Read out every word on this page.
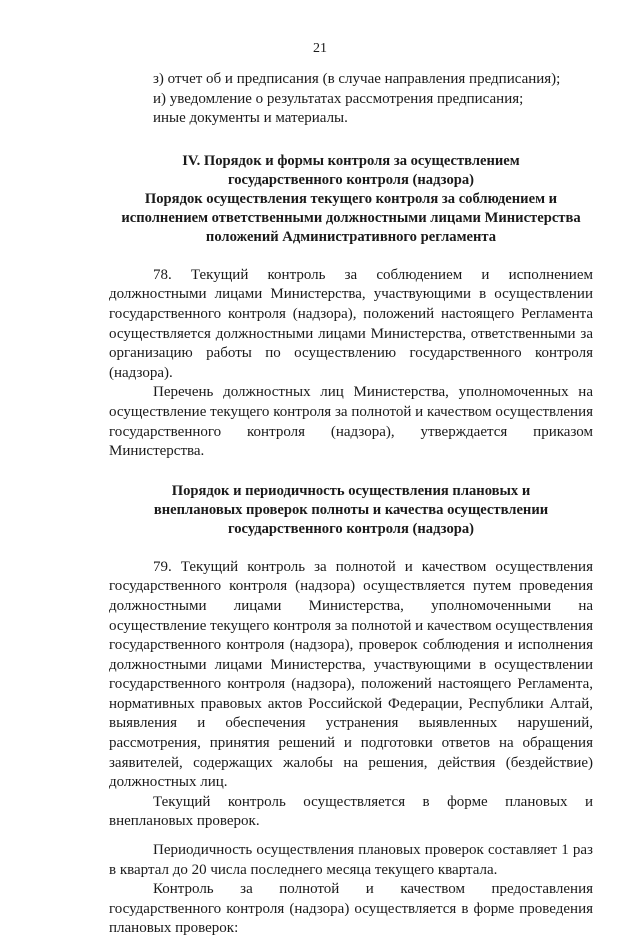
21

з) отчет об и предписания (в случае направления предписания);

и) уведомление о результатах рассмотрения предписания;

иные документы и материалы.

IV. Порядок и формы контроля за осуществлением
государственного контроля (надзора)
Порядок осуществления текущего контроля за соблюдением и
исполнением ответственными должностными лицами Министерства
положений Административного регламента

78. Текущий контроль за соблюдением и исполнением должностными лицами Министерства, участвующими в осуществлении государственного контроля (надзора), положений настоящего Регламента осуществляется должностными лицами Министерства, ответственными за организацию работы по осуществлению государственного контроля (надзора).

Перечень должностных лиц Министерства, уполномоченных на осуществление текущего контроля за полнотой и качеством осуществления государственного контроля (надзора), утверждается приказом Министерства.

Порядок и периодичность осуществления плановых и
внеплановых проверок полноты и качества осуществлении
государственного контроля (надзора)

79. Текущий контроль за полнотой и качеством осуществления государственного контроля (надзора) осуществляется путем проведения должностными лицами Министерства, уполномоченными на осуществление текущего контроля за полнотой и качеством осуществления государственного контроля (надзора), проверок соблюдения и исполнения должностными лицами Министерства, участвующими в осуществлении государственного контроля (надзора), положений настоящего Регламента, нормативных правовых актов Российской Федерации, Республики Алтай, выявления и обеспечения устранения выявленных нарушений, рассмотрения, принятия решений и подготовки ответов на обращения заявителей, содержащих жалобы на решения, действия (бездействие) должностных лиц.

Текущий контроль осуществляется в форме плановых и внеплановых проверок.

Периодичность осуществления плановых проверок составляет 1 раз в квартал до 20 числа последнего месяца текущего квартала.

Контроль за полнотой и качеством предоставления государственного контроля (надзора) осуществляется в форме проведения плановых проверок:
